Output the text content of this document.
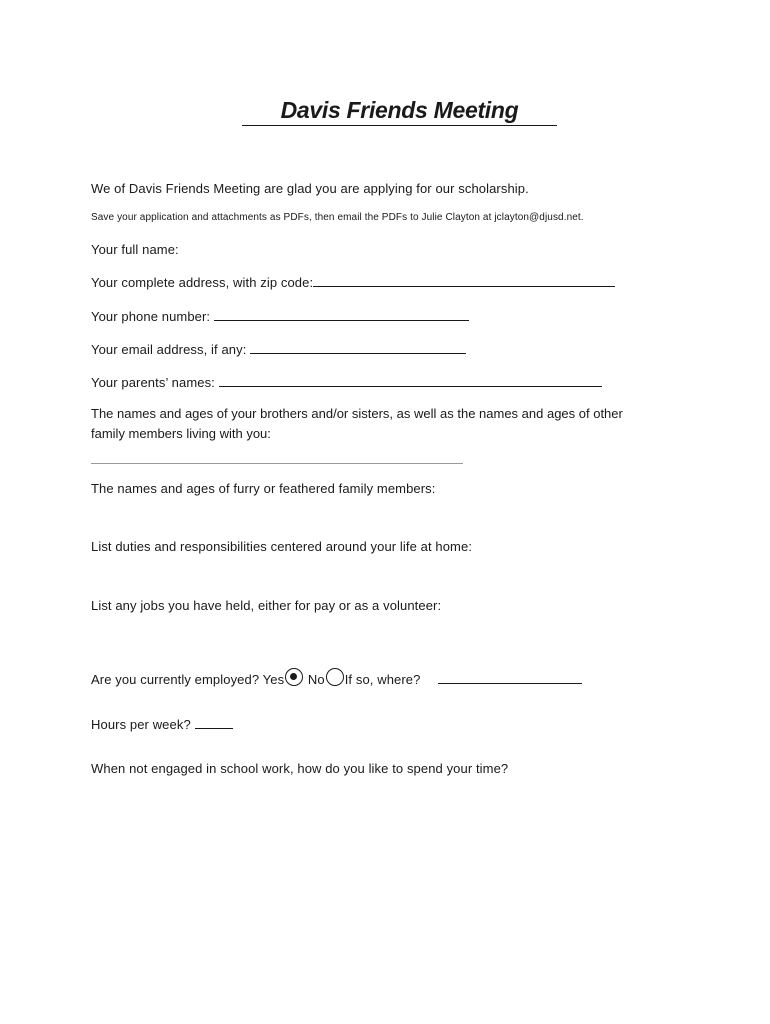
Davis Friends Meeting
We of Davis Friends Meeting are glad you are applying for our scholarship.
Save your application and attachments as PDFs, then email the PDFs to Julie Clayton at jclayton@djusd.net.
Your full name:
Your complete address, with zip code:
Your phone number:
Your email address, if any:
Your parents’ names:
The names and ages of your brothers and/or sisters, as well as the names and ages of other family members living with you:
The names and ages of furry or feathered family members:
List duties and responsibilities centered around your life at home:
List any jobs you have held, either for pay or as a volunteer:
Are you currently employed? Yes No If so, where?
Hours per week?
When not engaged in school work, how do you like to spend your time?
